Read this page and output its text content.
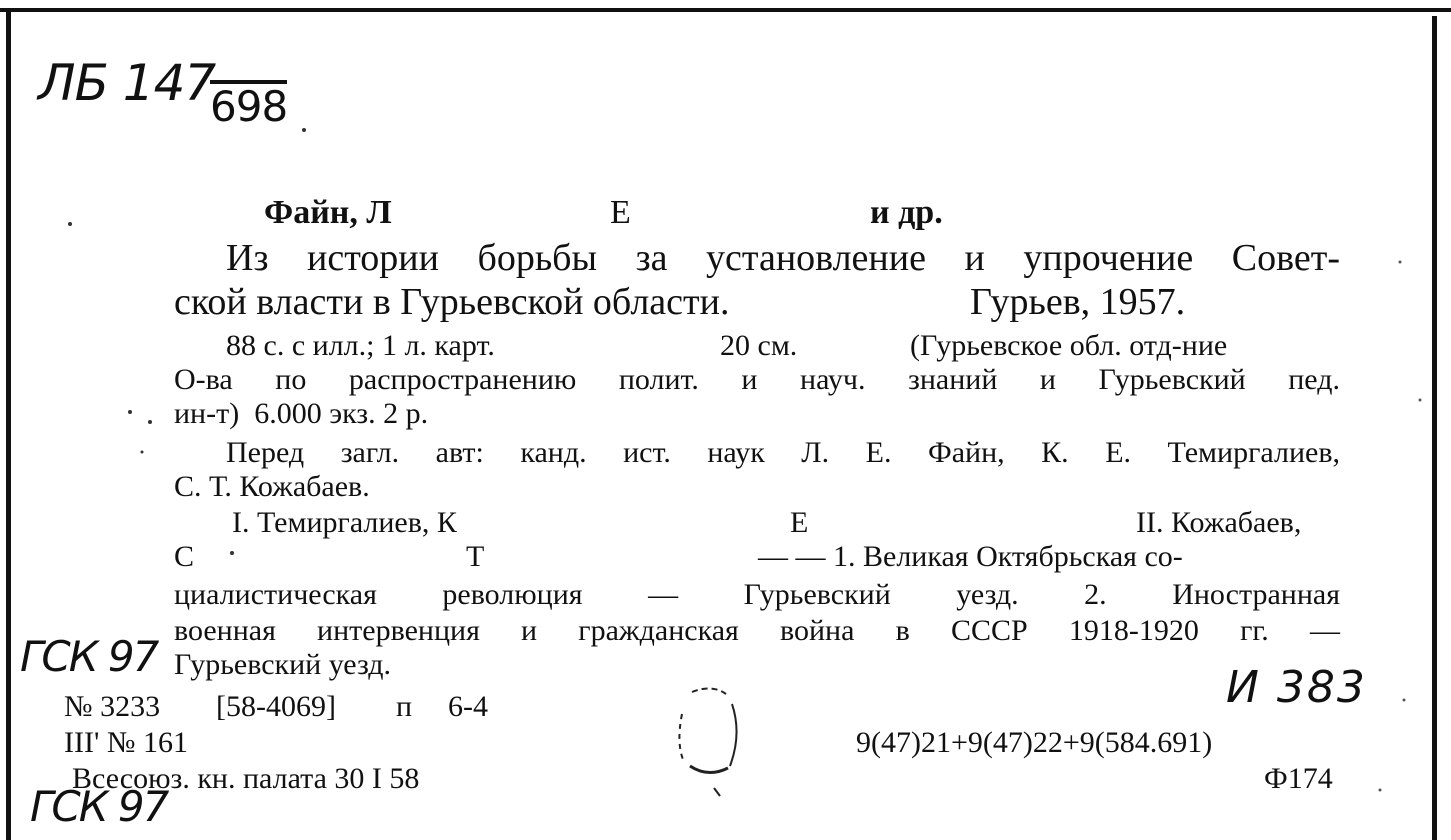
ЛБ 147
698
Файн, Л	Е	и др.
Из истории борьбы за установление и упрочение Совет-
ской власти в Гурьевской области.	Гурьев, 1957.
88 с. с илл.; 1 л. карт.	20 см.	(Гурьевское обл. отд-ние
О-ва по распространению полит. и науч. знаний и Гурьевский пед.
ин-т)  6.000 экз. 2 р.
Перед загл. авт: канд. ист. наук Л. Е. Файн, К. Е. Темиргалиев,
С. Т. Кожабаев.
I. Темиргалиев, К	Е	II. Кожабаев,
С	Т	— — 1. Великая Октябрьская со-
циалистическая революция — Гурьевский уезд. 2. Иностранная
военная интервенция и гражданская война в СССР 1918-1920 гг. —
Гурьевский уезд.
ГСК 97
ГСК 97
И 383
№ 3233 [58-4069] п 6-4
III' № 161
Всесоюз. кн. палата 30 I 58
9(47)21+9(47)22+9(584.691)
Ф174
